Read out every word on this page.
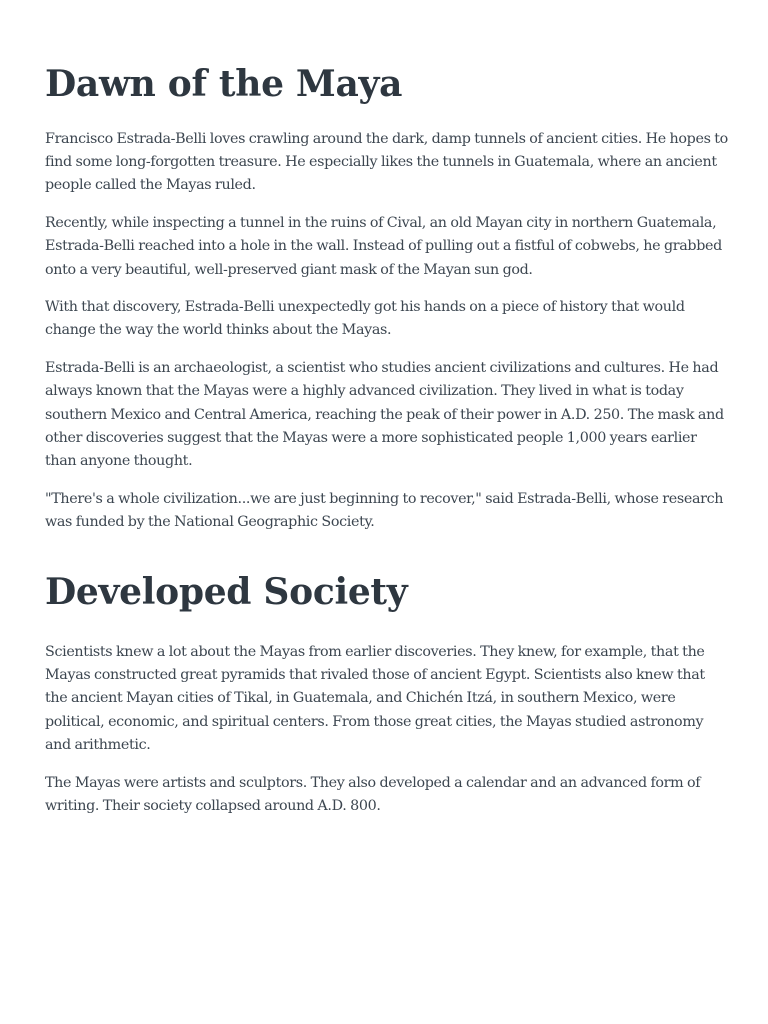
Dawn of the Maya

Francisco Estrada-Belli loves crawling around the dark, damp tunnels of ancient cities. He hopes to find some long-forgotten treasure. He especially likes the tunnels in Guatemala, where an ancient people called the Mayas ruled.

Recently, while inspecting a tunnel in the ruins of Cival, an old Mayan city in northern Guatemala, Estrada-Belli reached into a hole in the wall. Instead of pulling out a fistful of cobwebs, he grabbed onto a very beautiful, well-preserved giant mask of the Mayan sun god.

With that discovery, Estrada-Belli unexpectedly got his hands on a piece of history that would change the way the world thinks about the Mayas.

Estrada-Belli is an archaeologist, a scientist who studies ancient civilizations and cultures. He had always known that the Mayas were a highly advanced civilization. They lived in what is today southern Mexico and Central America, reaching the peak of their power in A.D. 250. The mask and other discoveries suggest that the Mayas were a more sophisticated people 1,000 years earlier than anyone thought.

"There's a whole civilization...we are just beginning to recover," said Estrada-Belli, whose research was funded by the National Geographic Society.

Developed Society

Scientists knew a lot about the Mayas from earlier discoveries. They knew, for example, that the Mayas constructed great pyramids that rivaled those of ancient Egypt. Scientists also knew that the ancient Mayan cities of Tikal, in Guatemala, and Chichén Itzá, in southern Mexico, were political, economic, and spiritual centers. From those great cities, the Mayas studied astronomy and arithmetic.

The Mayas were artists and sculptors. They also developed a calendar and an advanced form of writing. Their society collapsed around A.D. 800.
